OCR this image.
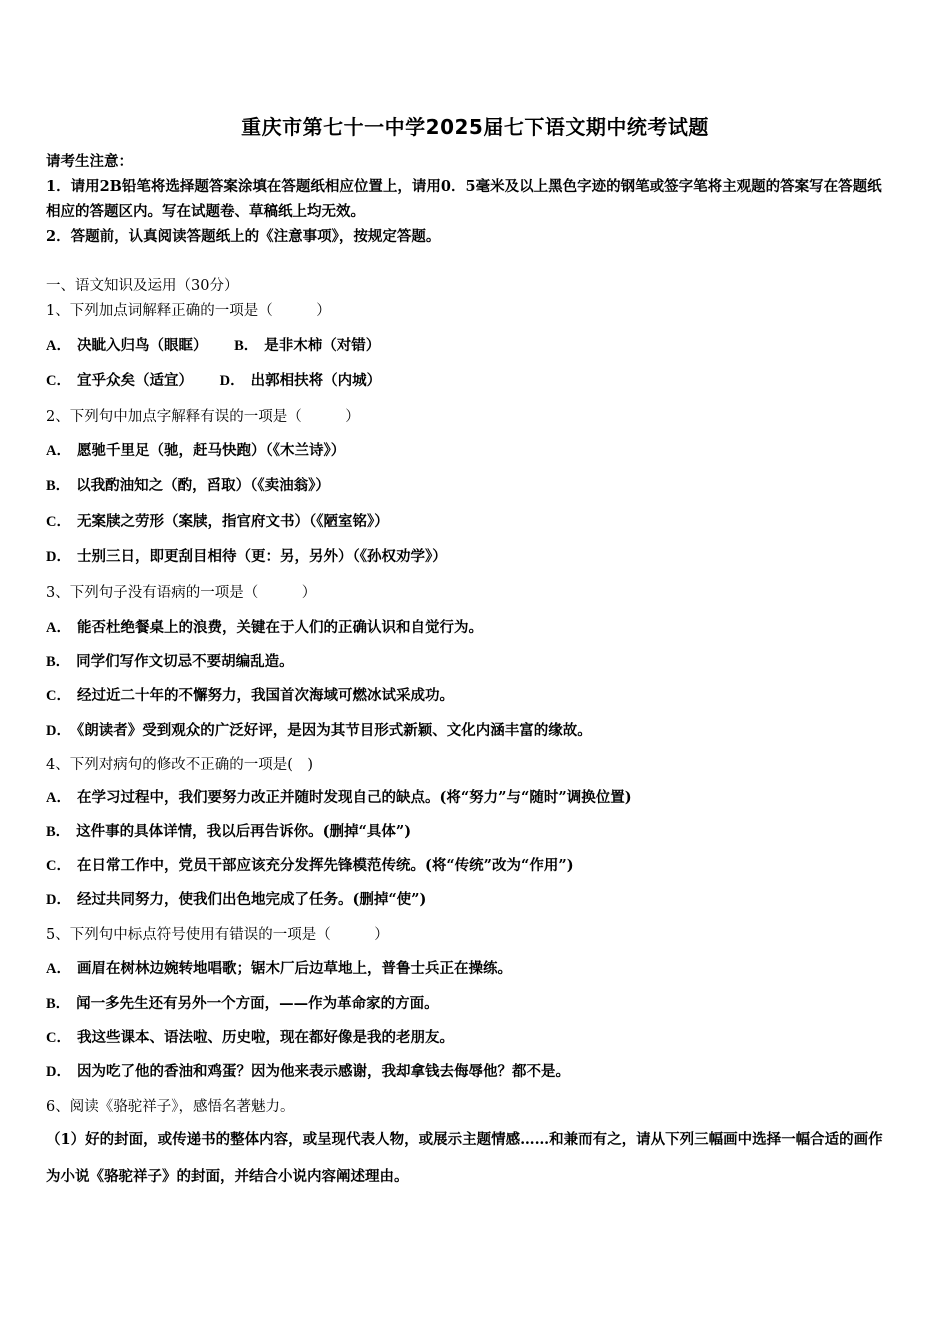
重庆市第七十一中学2025届七下语文期中统考试题
请考生注意：

1．请用2B铅笔将选择题答案涂填在答题纸相应位置上，请用0．5毫米及以上黑色字迹的钢笔或签字笔将主观题的答案写在答题纸相应的答题区内。写在试题卷、草稿纸上均无效。

2．答题前，认真阅读答题纸上的《注意事项》，按规定答题。

一、语文知识及运用（30分）
1、下列加点词解释正确的一项是（　　　）
A． 决眦入归鸟（眼眶） B． 是非木柿（对错）
C． 宜乎众矣（适宜） D． 出郭相扶将（内城）
2、下列句中加点字解释有误的一项是（　　　）
A． 愿驰千里足（驰，赶马快跑）（《木兰诗》）
B． 以我酌油知之（酌，舀取）（《卖油翁》）
C． 无案牍之劳形（案牍，指官府文书）（《陋室铭》）
D． 士别三日，即更刮目相待（更：另，另外）（《孙权劝学》）
3、下列句子没有语病的一项是（　　　）
A． 能否杜绝餐桌上的浪费，关键在于人们的正确认识和自觉行为。
B． 同学们写作文切忌不要胡编乱造。
C． 经过近二十年的不懈努力，我国首次海域可燃冰试采成功。
D． 《朗读者》受到观众的广泛好评，是因为其节目形式新颖、文化内涵丰富的缘故。
4、下列对病句的修改不正确的一项是(　)
A． 在学习过程中，我们要努力改正并随时发现自己的缺点。(将“努力”与“随时”调换位置)
B． 这件事的具体详情，我以后再告诉你。(删掉“具体”)
C． 在日常工作中，党员干部应该充分发挥先锋模范传统。(将“传统”改为“作用”)
D． 经过共同努力，使我们出色地完成了任务。(删掉“使”)
5、下列句中标点符号使用有错误的一项是（　　　）
A． 画眉在树林边婉转地唱歌；锯木厂后边草地上，普鲁士兵正在操练。
B． 闻一多先生还有另外一个方面，——作为革命家的方面。
C． 我这些课本、语法啦、历史啦，现在都好像是我的老朋友。
D． 因为吃了他的香油和鸡蛋？因为他来表示感谢，我却拿钱去侮辱他？都不是。
6、阅读《骆驼祥子》，感悟名著魅力。
（1）好的封面，或传递书的整体内容，或呈现代表人物，或展示主题情感……和兼而有之，请从下列三幅画中选择一幅合适的画作为小说《骆驼祥子》的封面，并结合小说内容阐述理由。
